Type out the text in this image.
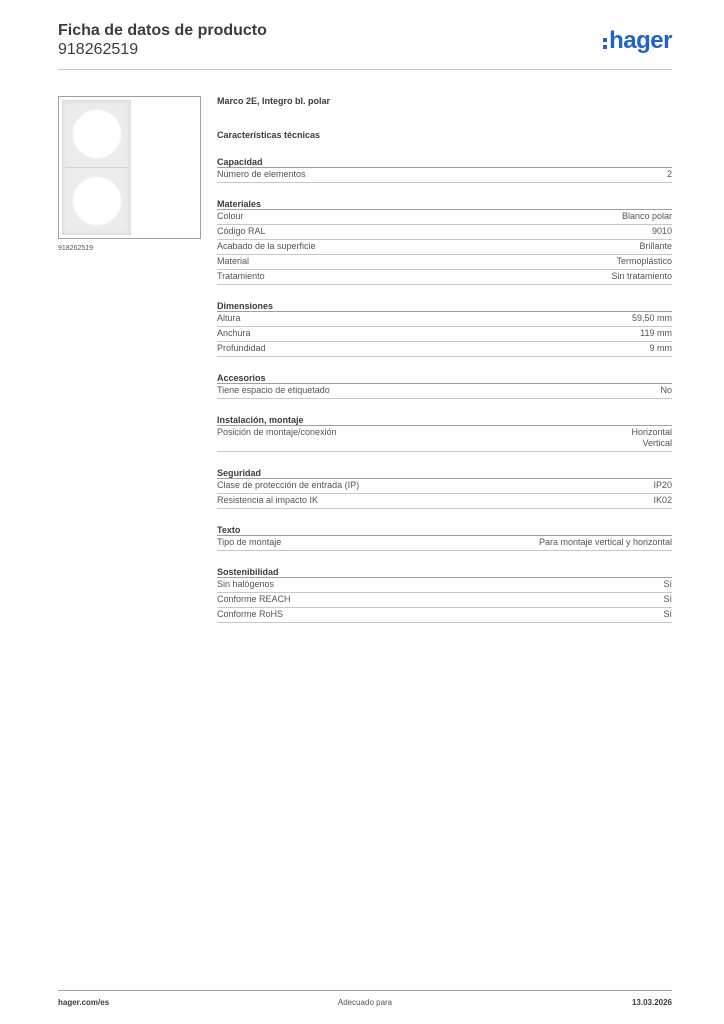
Ficha de datos de producto
918262519	hager
918262519
Marco 2E, Integro bl. polar
Características técnicas
Capacidad
Número de elementos	2
Materiales
Colour	Blanco polar
Código RAL	9010
Acabado de la superficie	Brillante
Material	Termoplástico
Tratamiento	Sin tratamiento
Dimensiones
Altura	59,50 mm
Anchura	119 mm
Profundidad	9 mm
Accesorios
Tiene espacio de etiquetado	No
Instalación, montaje
Posición de montaje/conexión	Horizontal
Vertical
Seguridad
Clase de protección de entrada (IP)	IP20
Resistencia al impacto IK	IK02
Texto
Tipo de montaje	Para montaje vertical y horizontal
Sostenibilidad
Sin halógenos	Sí
Conforme REACH	Sí
Conforme RoHS	Sí
hager.com/es	Adecuado para	13.03.2026
